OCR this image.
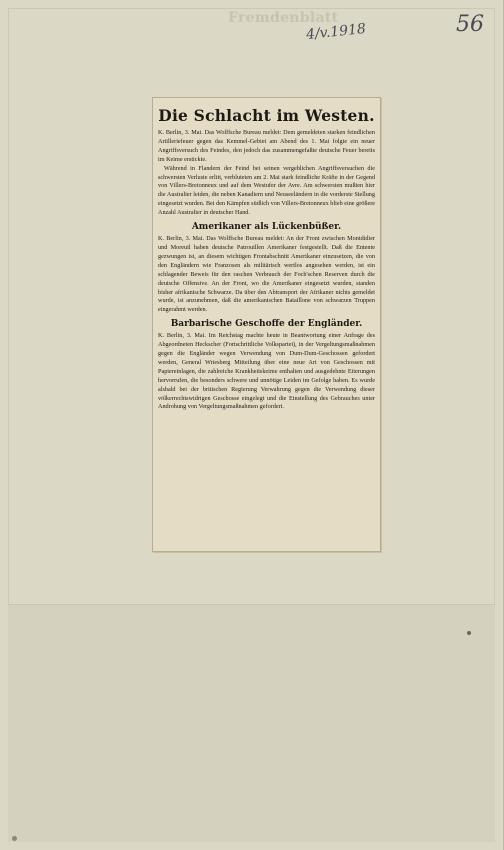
Fremdenblatt
4/v.1918	56
Die Schlacht im Westen.

K. Berlin, 3. Mai. Das Wolffsche Bureau meldet: Dem gemeldeten starken feindlichen Artilleriefeuer gegen das Kemmel-Gebiet am Abend des 1. Mai folgte ein neuer Angriffsversuch des Feindes, den jedoch das zusammengefaßte deutsche Feuer bereits im Keime erstickte.

Während in Flandern der Feind bei seinen vergeblichen Angriffsversuchen die schwersten Verluste erlitt, verbluteten am 2. Mai stark feindliche Kräfte in der Gegend von Villers-Bretonneux und auf dem Westufer der Avre. Am schwersten mußten hier die Australier leiden, die neben Kanadiern und Neuseeländern in die vorderste Stellung eingesetzt wurden. Bei den Kämpfen südlich von Villers-Bretonneux blieb eine größere Anzahl Australier in deutscher Hand.

Amerikaner als Lückenbüßer.

K. Berlin, 3. Mai. Das Wolffsche Bureau meldet: An der Front zwischen Montdidier und Moreuil haben deutsche Patrouillen Amerikaner festgestellt. Daß die Entente gezwungen ist, an diesem wichtigen Frontabschnitt Amerikaner einzusetzen, die von den Engländern wie Franzosen als militärisch wertlos angesehen werden, ist ein schlagender Beweis für den raschen Verbrauch der Foch'schen Reserven durch die deutsche Offensive. An der Front, wo die Amerikaner eingesetzt wurden, standen bisher afrikanische Schwarze. Da über den Abtransport der Afrikaner nichts gemeldet wurde, ist anzunehmen, daß die amerikanischen Bataillone von schwarzen Truppen eingerahmt werden.

Barbarische Geschoffe der Engländer.

K. Berlin, 3. Mai. Im Reichstag machte heute in Beantwortung einer Anfrage des Abgeordneten Heckscher (Fortschrittliche Volkspartei), in der Vergeltungsmaßnahmen gegen die Engländer wegen Verwendung von Dum-Dum-Geschossen gefordert werden, General Wriesberg Mitteilung über eine neue Art von Geschossen mit Papiereinlagen, die zahlreiche Krankheitskeime enthalten und ausgedehnte Eiterungen hervorrufen, die besonders schwere und unnötige Leiden im Gefolge haben. Es wurde alsbald bei der britischen Regierung Verwahrung gegen die Verwendung dieser völkerrechtswidrigen Geschosse eingelegt und die Einstellung des Gebrauches unter Androhung von Vergeltungsmaßnahmen gefordert.
